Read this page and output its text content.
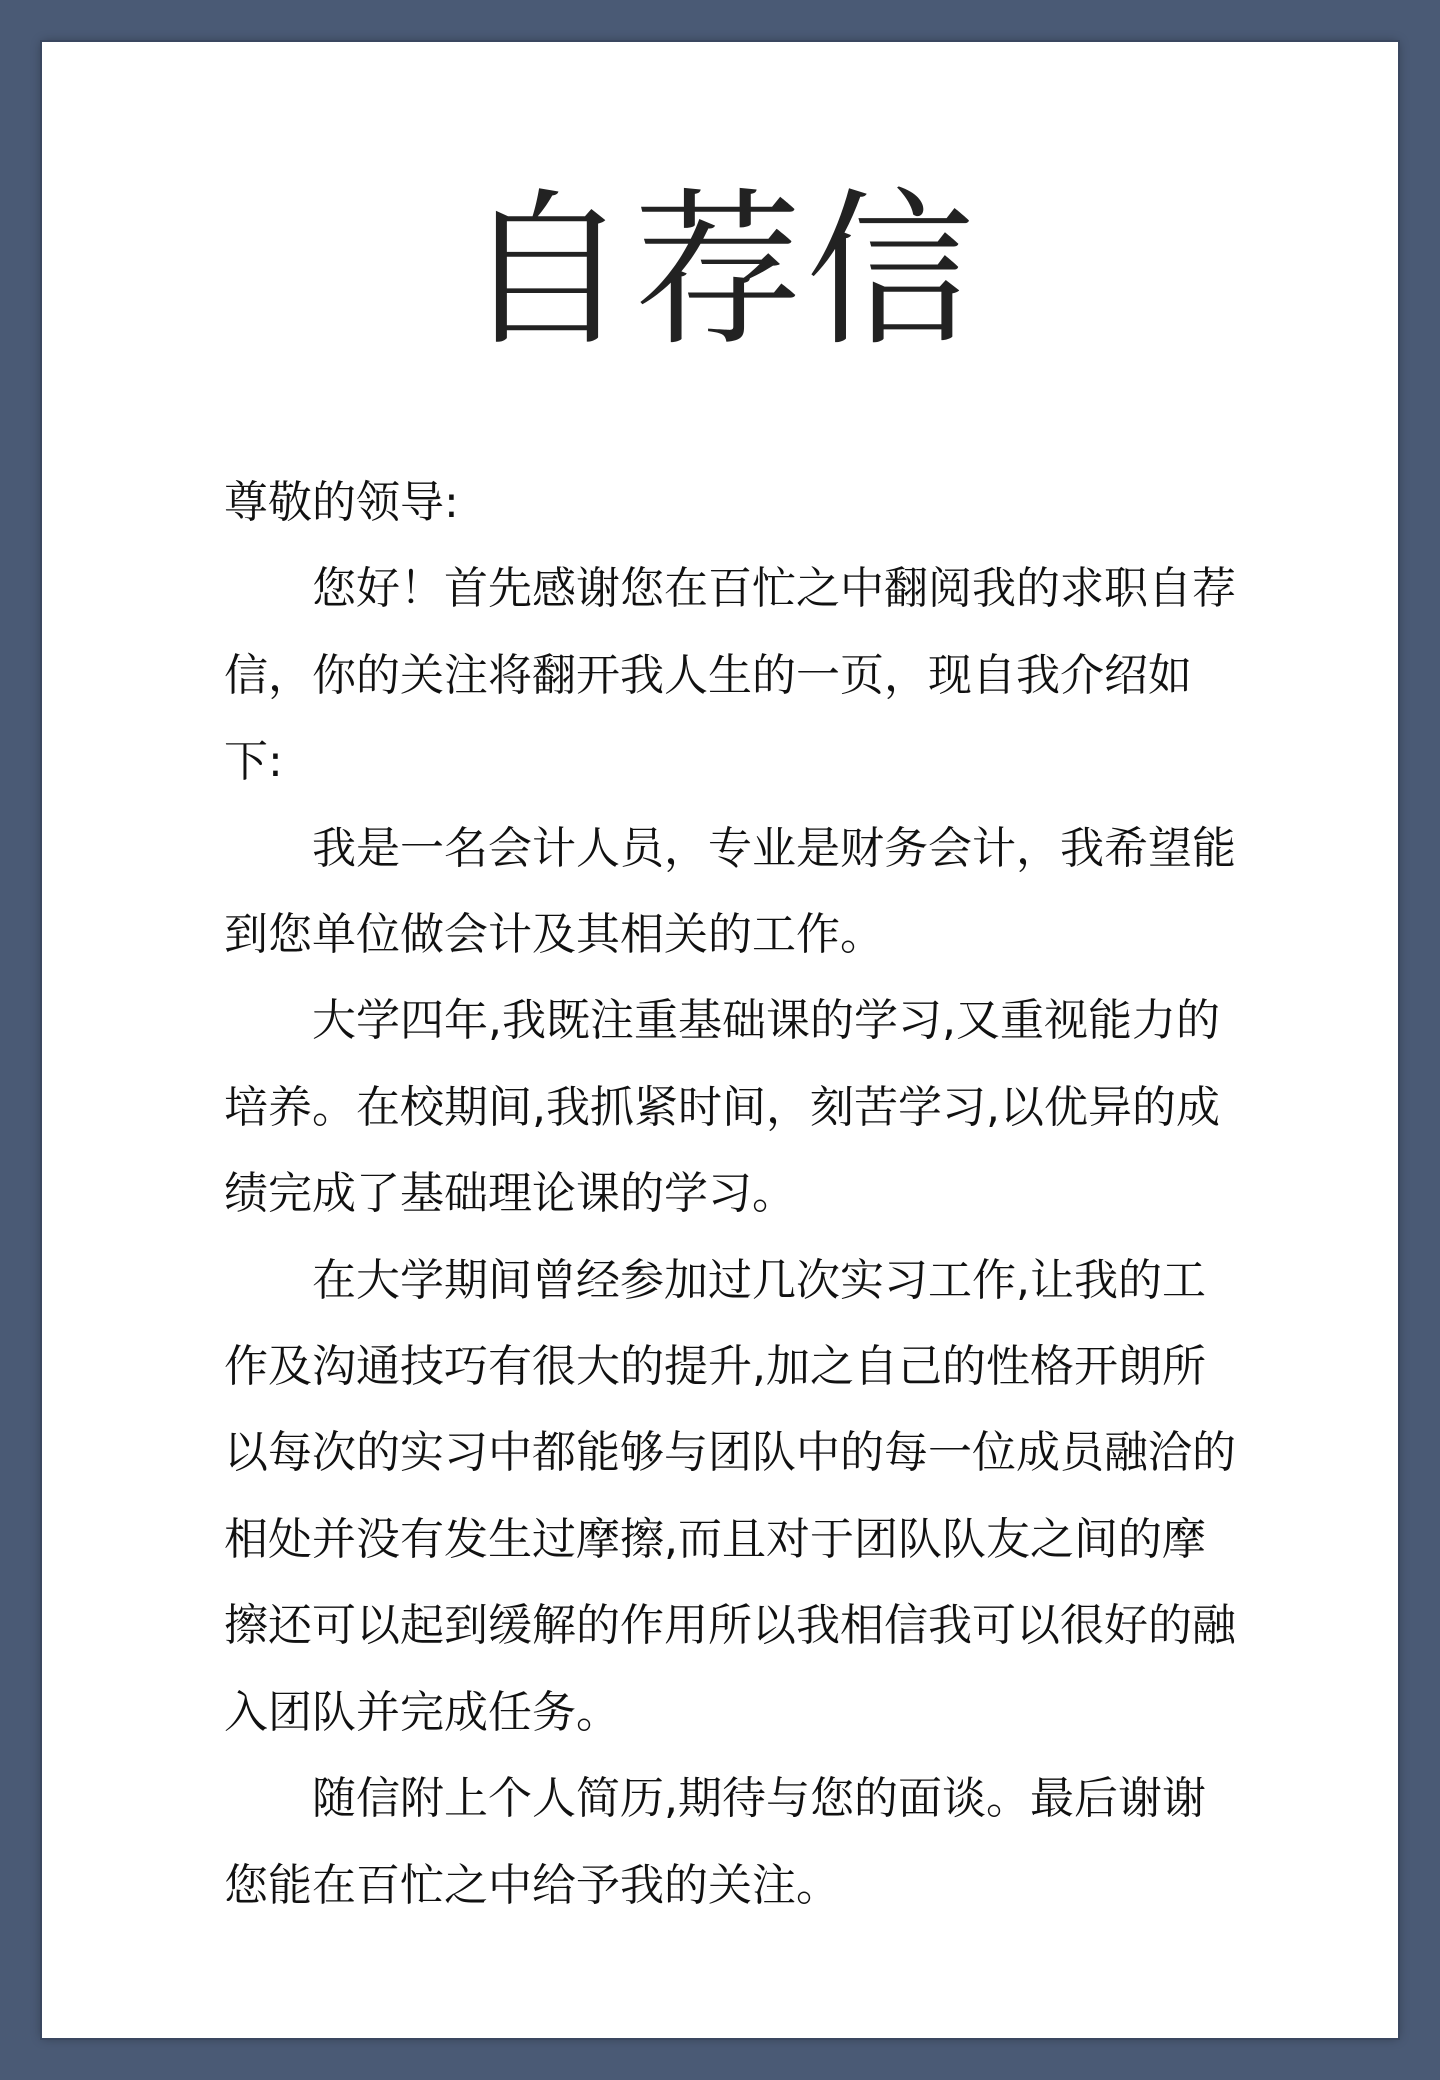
自荐信

尊敬的领导:

您好！首先感谢您在百忙之中翻阅我的求职自荐信，你的关注将翻开我人生的一页，现自我介绍如下:

我是一名会计人员，专业是财务会计，我希望能到您单位做会计及其相关的工作。

大学四年,我既注重基础课的学习,又重视能力的培养。在校期间,我抓紧时间，刻苦学习,以优异的成绩完成了基础理论课的学习。

在大学期间曾经参加过几次实习工作,让我的工作及沟通技巧有很大的提升,加之自己的性格开朗所以每次的实习中都能够与团队中的每一位成员融洽的相处并没有发生过摩擦,而且对于团队队友之间的摩擦还可以起到缓解的作用所以我相信我可以很好的融入团队并完成任务。

随信附上个人简历,期待与您的面谈。最后谢谢您能在百忙之中给予我的关注。
